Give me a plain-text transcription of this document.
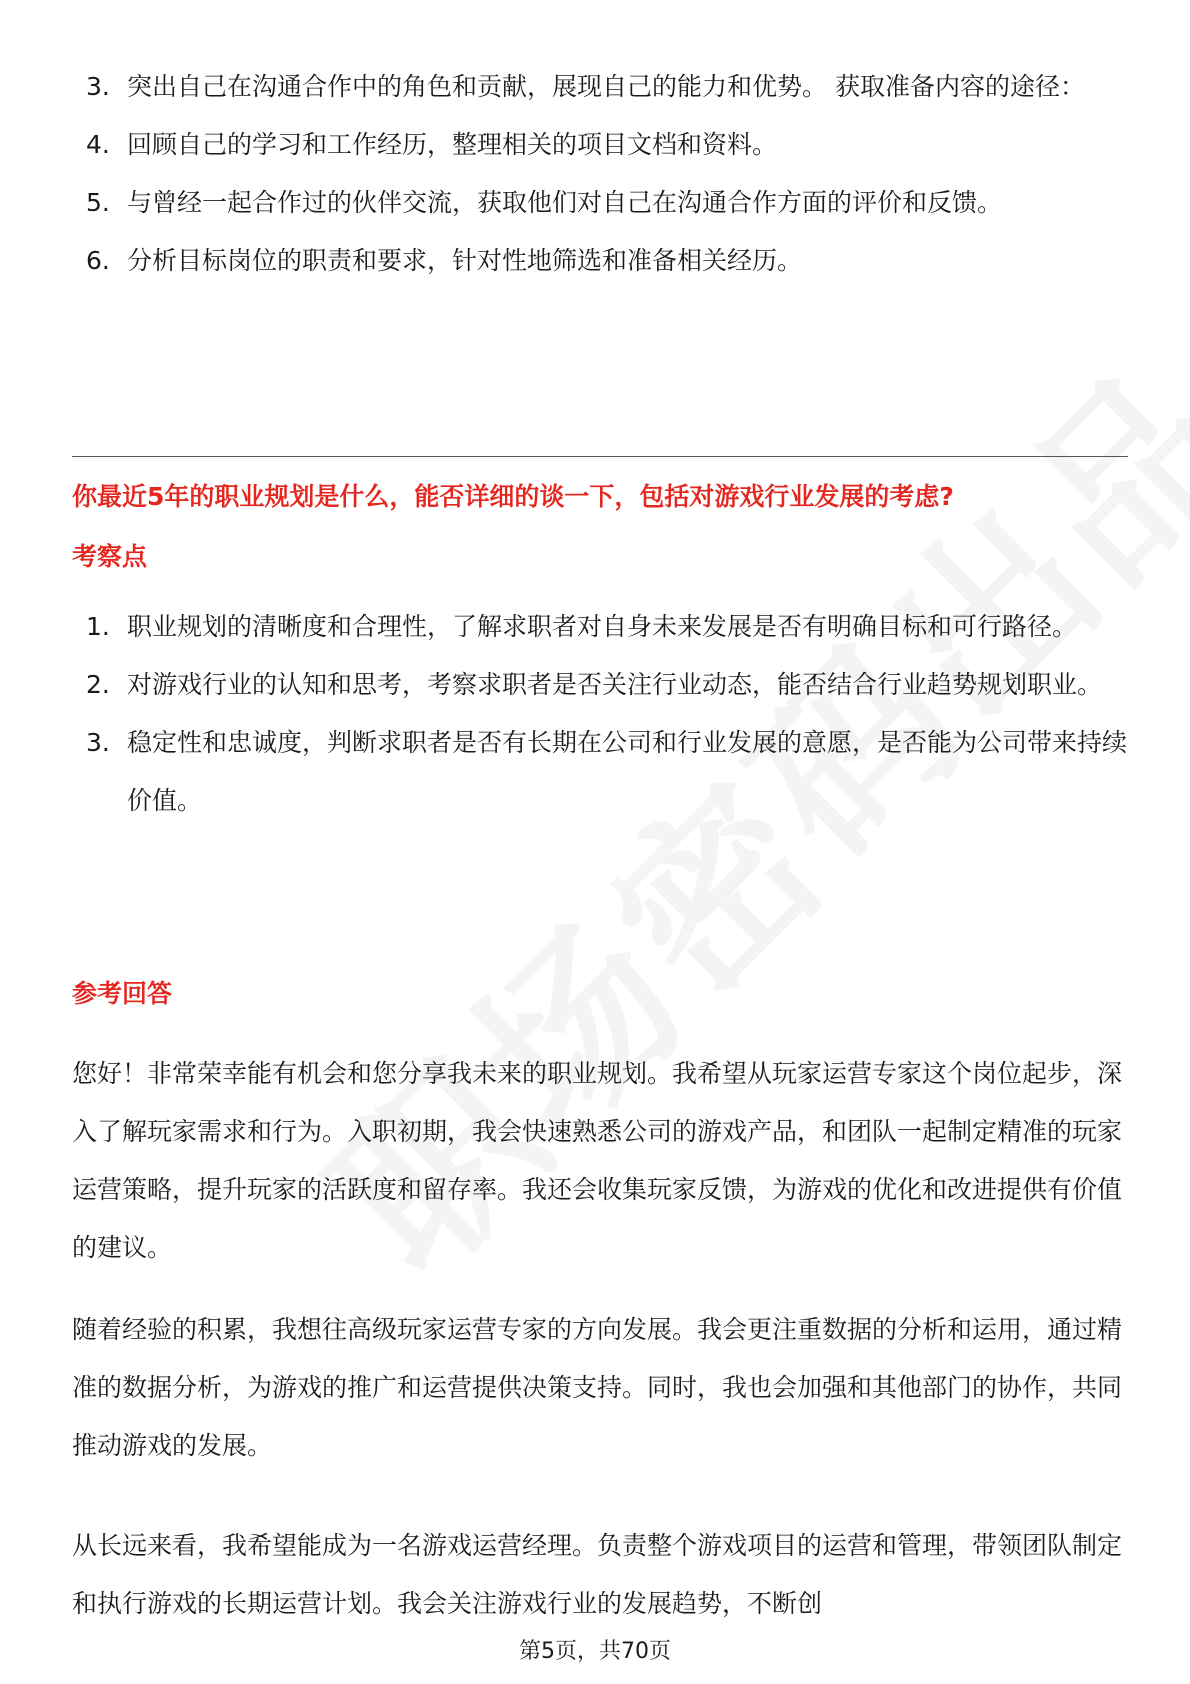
3. 突出自己在沟通合作中的角色和贡献，展现自己的能力和优势。 获取准备内容的途径：
4. 回顾自己的学习和工作经历，整理相关的项目文档和资料。
5. 与曾经一起合作过的伙伴交流，获取他们对自己在沟通合作方面的评价和反馈。
6. 分析目标岗位的职责和要求，针对性地筛选和准备相关经历。
你最近5年的职业规划是什么，能否详细的谈一下，包括对游戏行业发展的考虑?
考察点
1. 职业规划的清晰度和合理性，了解求职者对自身未来发展是否有明确目标和可行路径。
2. 对游戏行业的认知和思考，考察求职者是否关注行业动态，能否结合行业趋势规划职业。
3. 稳定性和忠诚度，判断求职者是否有长期在公司和行业发展的意愿，是否能为公司带来持续价值。
参考回答
您好！非常荣幸能有机会和您分享我未来的职业规划。我希望从玩家运营专家这个岗位起步，深入了解玩家需求和行为。入职初期，我会快速熟悉公司的游戏产品，和团队一起制定精准的玩家运营策略，提升玩家的活跃度和留存率。我还会收集玩家反馈，为游戏的优化和改进提供有价值的建议。
随着经验的积累，我想往高级玩家运营专家的方向发展。我会更注重数据的分析和运用，通过精准的数据分析，为游戏的推广和运营提供决策支持。同时，我也会加强和其他部门的协作，共同推动游戏的发展。
从长远来看，我希望能成为一名游戏运营经理。负责整个游戏项目的运营和管理，带领团队制定和执行游戏的长期运营计划。我会关注游戏行业的发展趋势，不断创
第5页，共70页
